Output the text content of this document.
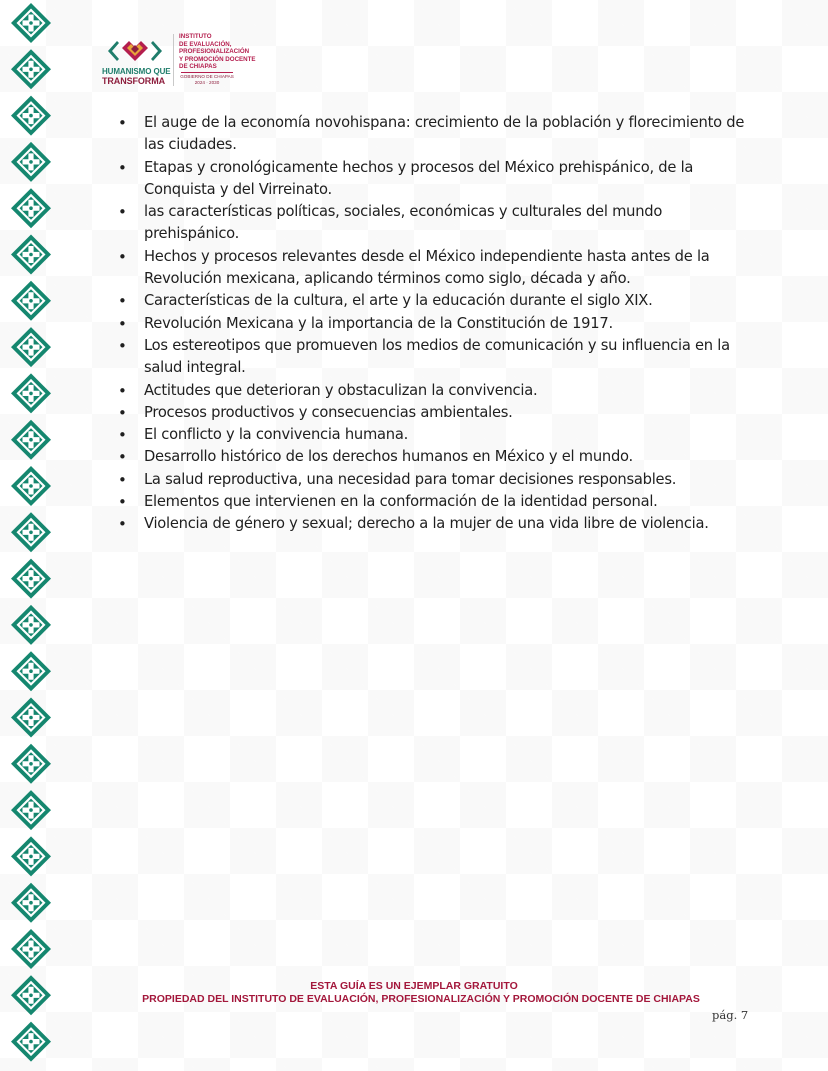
HUMANISMO QUE
TRANSFORMA
INSTITUTO
DE EVALUACIÓN,
PROFESIONALIZACIÓN
Y PROMOCIÓN DOCENTE
DE CHIAPAS
GOBIERNO DE CHIAPAS
2024 · 2030
• El auge de la economía novohispana: crecimiento de la población y florecimiento de las ciudades.
• Etapas y cronológicamente hechos y procesos del México prehispánico, de la Conquista y del Virreinato.
• las características políticas, sociales, económicas y culturales del mundo prehispánico.
• Hechos y procesos relevantes desde el México independiente hasta antes de la Revolución mexicana, aplicando términos como siglo, década y año.
• Características de la cultura, el arte y la educación durante el siglo XIX.
• Revolución Mexicana y la importancia de la Constitución de 1917.
• Los estereotipos que promueven los medios de comunicación y su influencia en la salud integral.
• Actitudes que deterioran y obstaculizan la convivencia.
• Procesos productivos y consecuencias ambientales.
• El conflicto y la convivencia humana.
• Desarrollo histórico de los derechos humanos en México y el mundo.
• La salud reproductiva, una necesidad para tomar decisiones responsables.
• Elementos que intervienen en la conformación de la identidad personal.
• Violencia de género y sexual; derecho a la mujer de una vida libre de violencia.
ESTA GUÍA ES UN EJEMPLAR GRATUITO
PROPIEDAD DEL INSTITUTO DE EVALUACIÓN, PROFESIONALIZACIÓN Y PROMOCIÓN DOCENTE DE CHIAPAS
pág. 7
